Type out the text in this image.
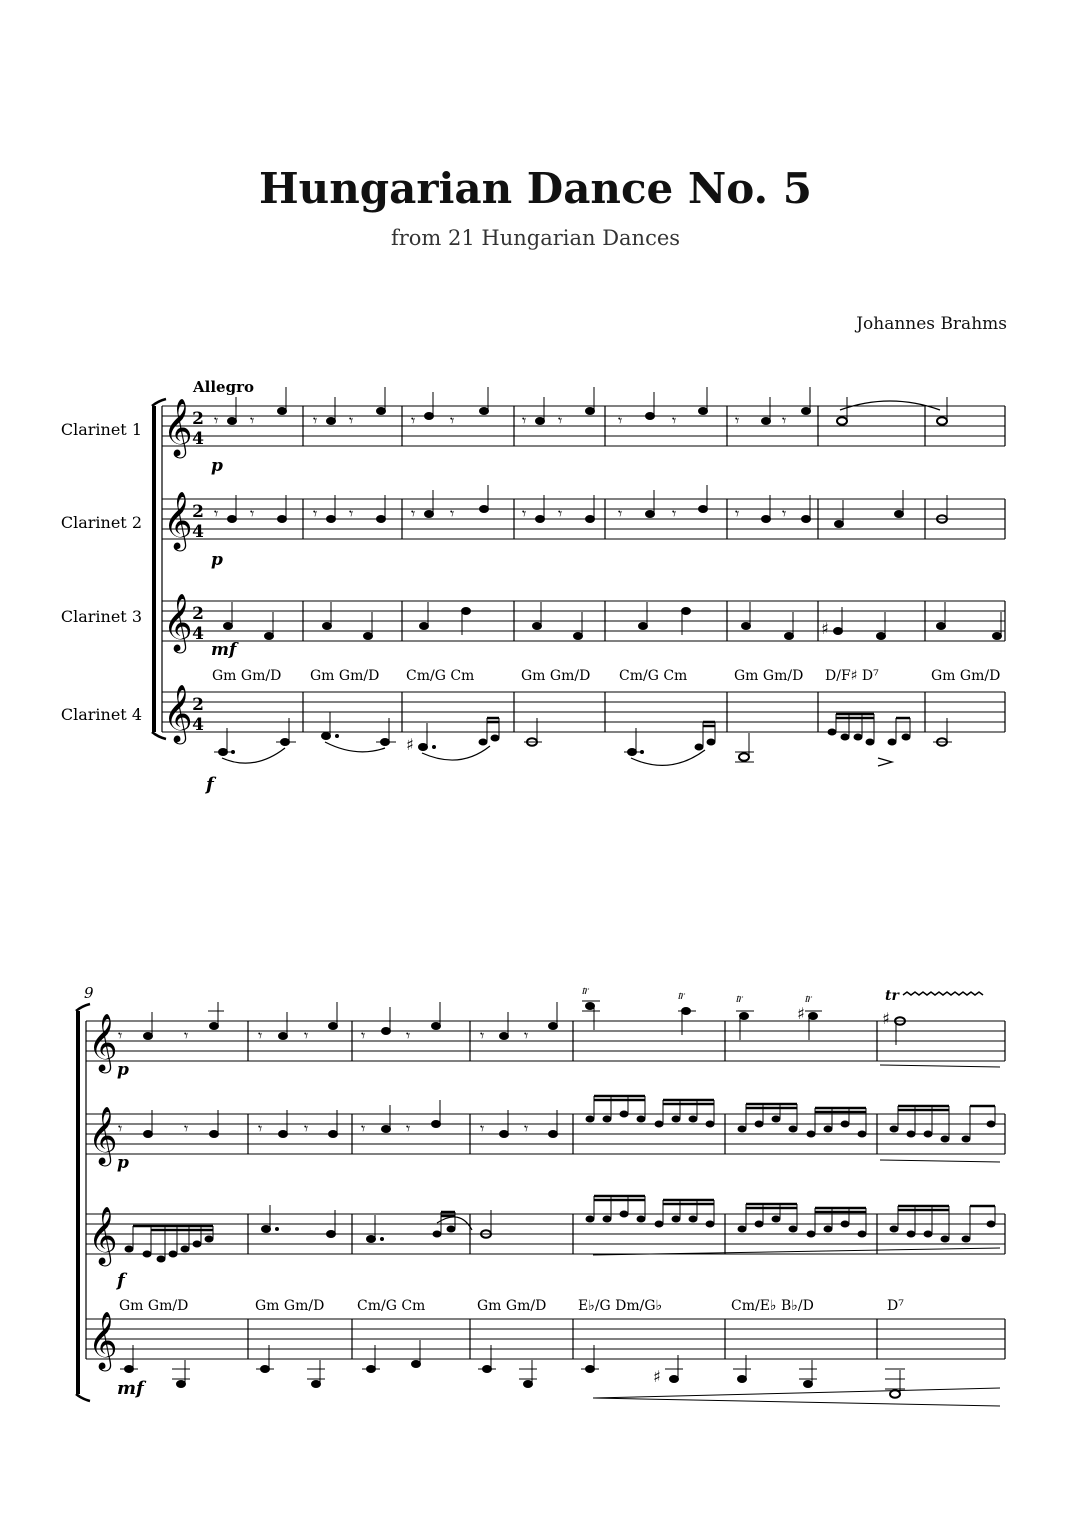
Hungarian Dance No. 5
from 21 Hungarian Dances
Johannes Brahms
Allegro
Clarinet 1
Clarinet 2
Clarinet 3
Clarinet 4
𝄞
𝄞
𝄞
𝄞
2
4
2
4
2
4
2
4
𝄾 𝄾	𝄾 𝄾	𝄾 𝄾	𝄾 𝄾	𝄾	𝄾	𝄾	𝄾
p
𝄾 𝄾	𝄾 𝄾	𝄾 𝄾	𝄾 𝄾	𝄾	𝄾	𝄾	𝄾
p
♯
mf
Gm Gm/D Gm Gm/D Cm/G Cm	Gm Gm/D Cm/G Cm	Gm Gm/D D/F♯ D⁷	Gm Gm/D
♯
f
9
𝄞
𝄞
𝄞
𝄞
𝄾	𝄾	𝄾	𝄾	𝄾	𝄾	𝄾 𝄾
𝆖	𝆖	𝆖
♯
𝆖
♯
tr
p
𝄾	𝄾	𝄾	𝄾	𝄾	𝄾	𝄾 𝄾
p
f
Gm Gm/D	Gm Gm/D Cm/G Cm	Gm Gm/D E♭/G Dm/G♭	Cm/E♭ B♭/D	D⁷
♯
mf
